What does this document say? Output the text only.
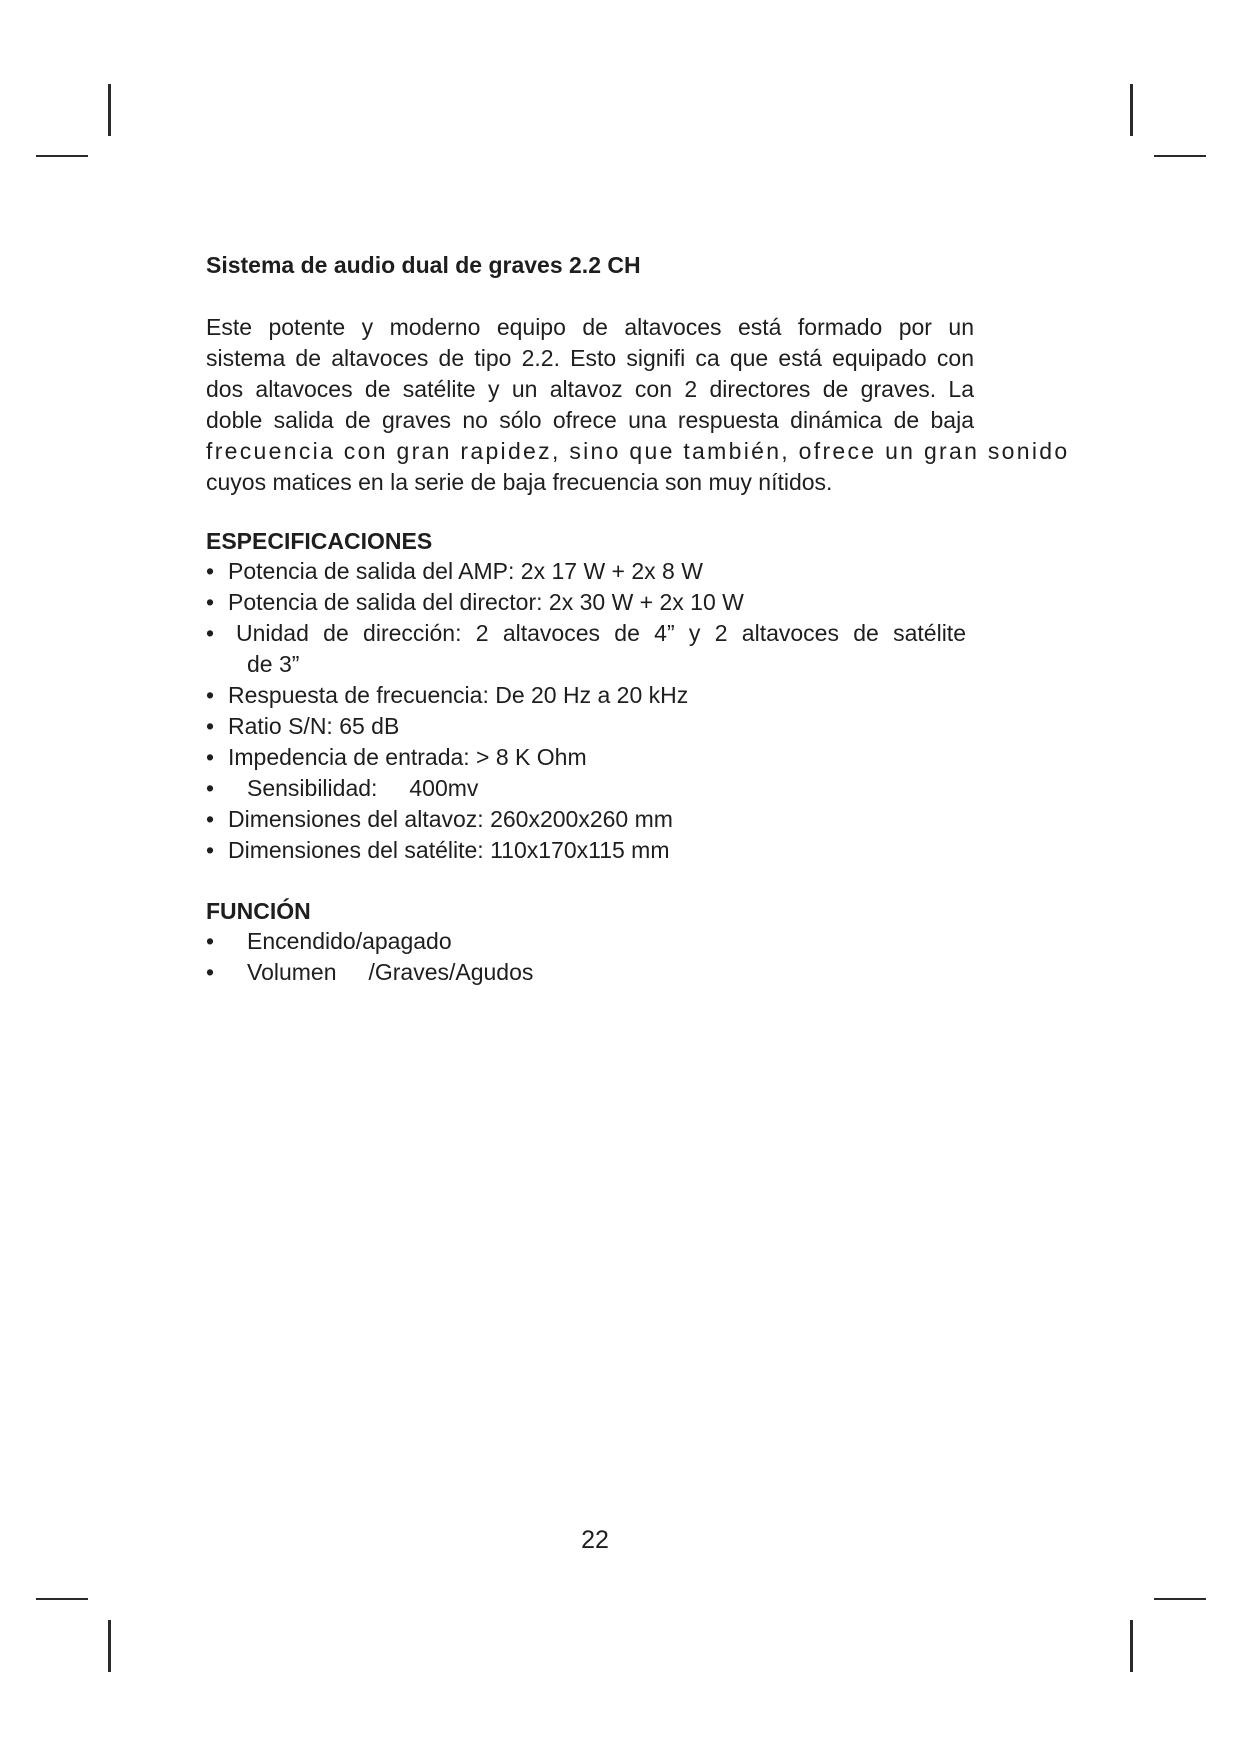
Sistema de audio dual de graves 2.2 CH

Este potente y moderno equipo de altavoces está formado por un
sistema de altavoces de tipo 2.2. Esto signifi ca que está equipado con
dos altavoces de satélite y un altavoz con 2 directores de graves. La
doble salida de graves no sólo ofrece una respuesta dinámica de baja
frecuencia con gran rapidez, sino que también, ofrece un gran sonido
cuyos matices en la serie de baja frecuencia son muy nítidos.

ESPECIFICACIONES
• Potencia de salida del AMP: 2x 17 W + 2x 8 W
• Potencia de salida del director: 2x 30 W + 2x 10 W
• Unidad de dirección: 2 altavoces de 4” y 2 altavoces de satélite
de 3”
• Respuesta de frecuencia: De 20 Hz a 20 kHz
• Ratio S/N: 65 dB
• Impedencia de entrada: > 8 K Ohm
• Sensibilidad:     400mv
• Dimensiones del altavoz: 260x200x260 mm
• Dimensiones del satélite: 110x170x115 mm
FUNCIÓN
• Encendido/apagado
• Volumen     /Graves/Agudos
22
